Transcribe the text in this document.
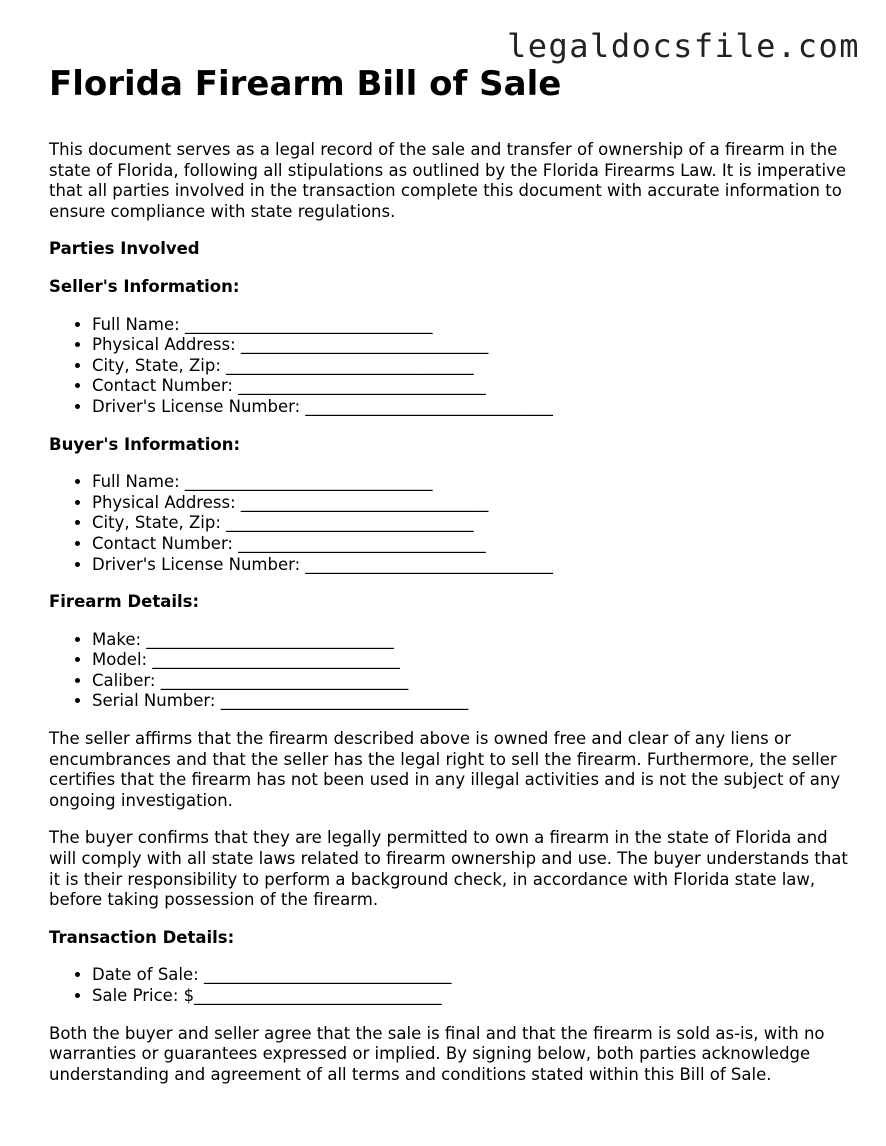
legaldocsfile.com
Florida Firearm Bill of Sale

This document serves as a legal record of the sale and transfer of ownership of a firearm in the state of Florida, following all stipulations as outlined by the Florida Firearms Law. It is imperative that all parties involved in the transaction complete this document with accurate information to ensure compliance with state regulations.

Parties Involved
Seller's Information:
• Full Name: ______________________________
• Physical Address: ______________________________
• City, State, Zip: ______________________________
• Contact Number: ______________________________
• Driver's License Number: ______________________________
Buyer's Information:
• Full Name: ______________________________
• Physical Address: ______________________________
• City, State, Zip: ______________________________
• Contact Number: ______________________________
• Driver's License Number: ______________________________
Firearm Details:
• Make: ______________________________
• Model: ______________________________
• Caliber: ______________________________
• Serial Number: ______________________________

The seller affirms that the firearm described above is owned free and clear of any liens or encumbrances and that the seller has the legal right to sell the firearm. Furthermore, the seller certifies that the firearm has not been used in any illegal activities and is not the subject of any ongoing investigation.

The buyer confirms that they are legally permitted to own a firearm in the state of Florida and will comply with all state laws related to firearm ownership and use. The buyer understands that it is their responsibility to perform a background check, in accordance with Florida state law, before taking possession of the firearm.

Transaction Details:
• Date of Sale: ______________________________
• Sale Price: $______________________________

Both the buyer and seller agree that the sale is final and that the firearm is sold as-is, with no warranties or guarantees expressed or implied. By signing below, both parties acknowledge understanding and agreement of all terms and conditions stated within this Bill of Sale.
